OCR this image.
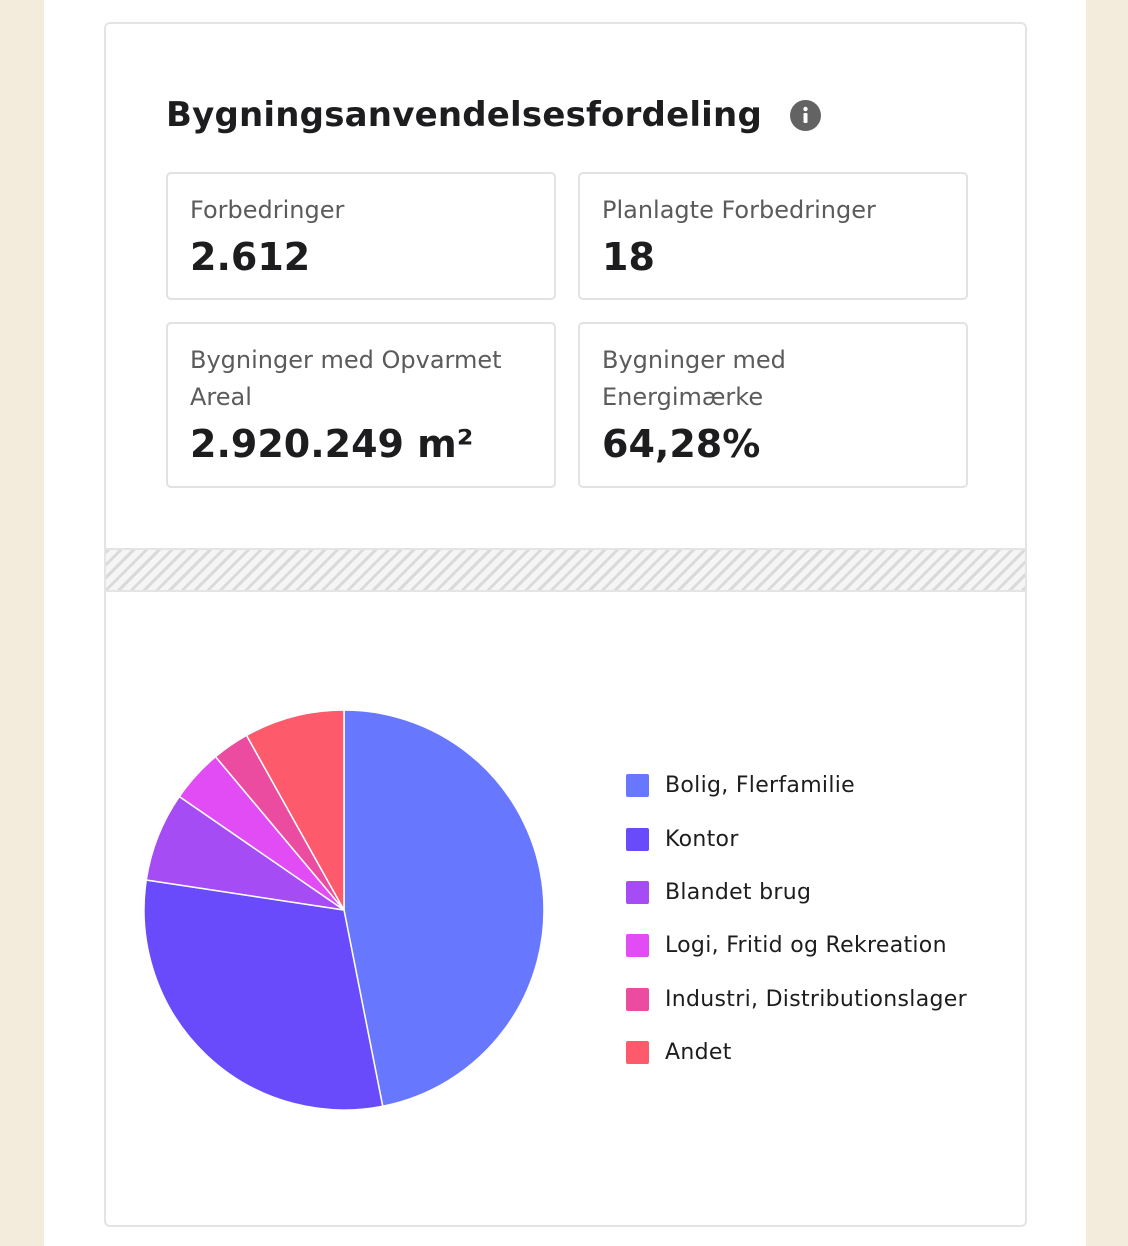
Bygningsanvendelsesfordeling
Forbedringer
2.612
Planlagte Forbedringer
18
Bygninger med Opvarmet Areal
2.920.249 m²
Bygninger med Energimærke
64,28%
Bolig, Flerfamilie
Kontor
Blandet brug
Logi, Fritid og Rekreation
Industri, Distributionslager
Andet
